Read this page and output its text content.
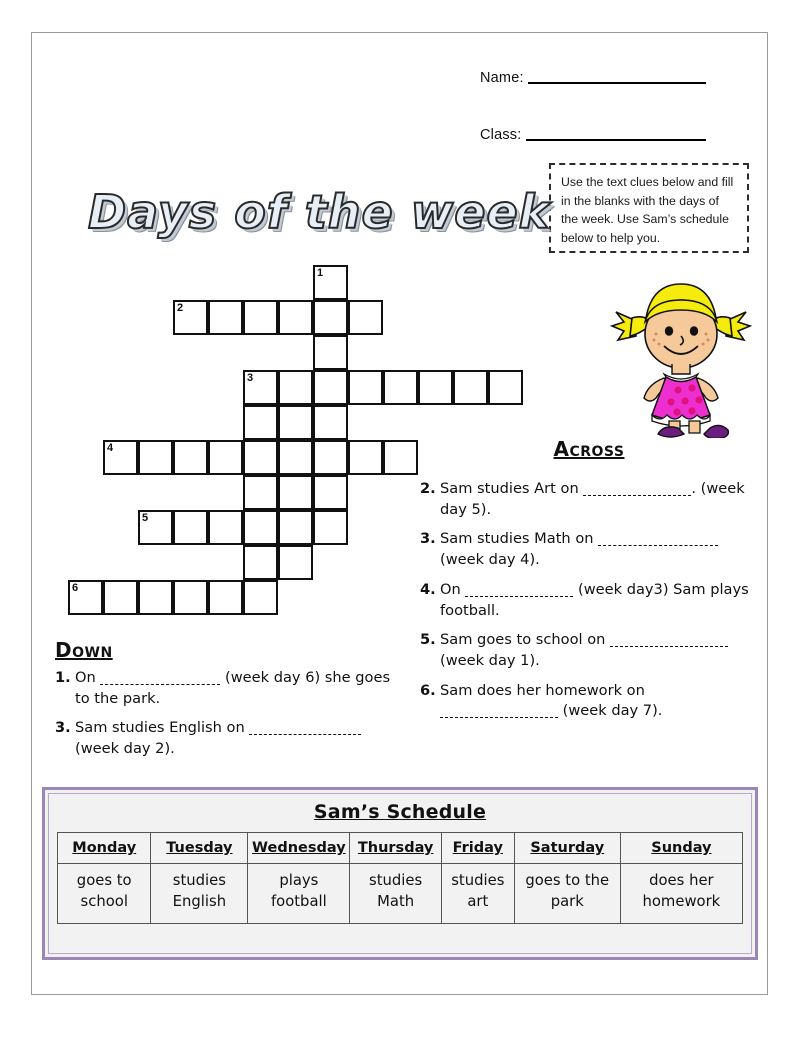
Name:
Class:
Use the text clues below and fill in the blanks with the days of the week. Use Sam’s schedule below to help you.
Days of the week
1
2
3
4
5
6
Across
2. Sam studies Art on	. (week day 5).
3. Sam studies Math on  (week day 4).
4. On	(week day3) Sam plays football.
5. Sam goes to school on  (week day 1).
6. Sam does her homework on  (week day 7).
Down
1. On	(week day 6) she goes to the park.
3. Sam studies English on  (week day 2).
Sam’s Schedule
Monday	Tuesday	Wednesday	Thursday	Friday	Saturday	Sunday
goes to school	studies English	plays football	studies Math	studies art	goes to the park	does her homework
